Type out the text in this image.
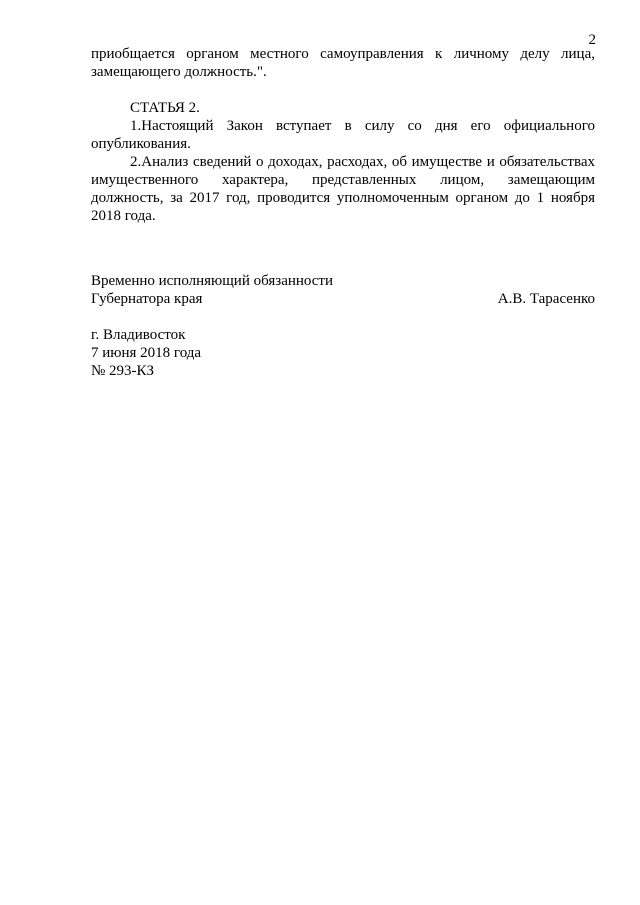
2
приобщается органом местного самоуправления к личному делу лица,
замещающего должность.".
СТАТЬЯ 2.
1.Настоящий Закон вступает в силу со дня его официального
опубликования.
2.Анализ сведений о доходах, расходах, об имуществе и обязательствах
имущественного характера, представленных лицом, замещающим
должность, за 2017 год, проводится уполномоченным органом до 1 ноября
2018 года.
Временно исполняющий обязанности
Губернатора края	А.В. Тарасенко
г. Владивосток
7 июня 2018 года
№ 293-КЗ
